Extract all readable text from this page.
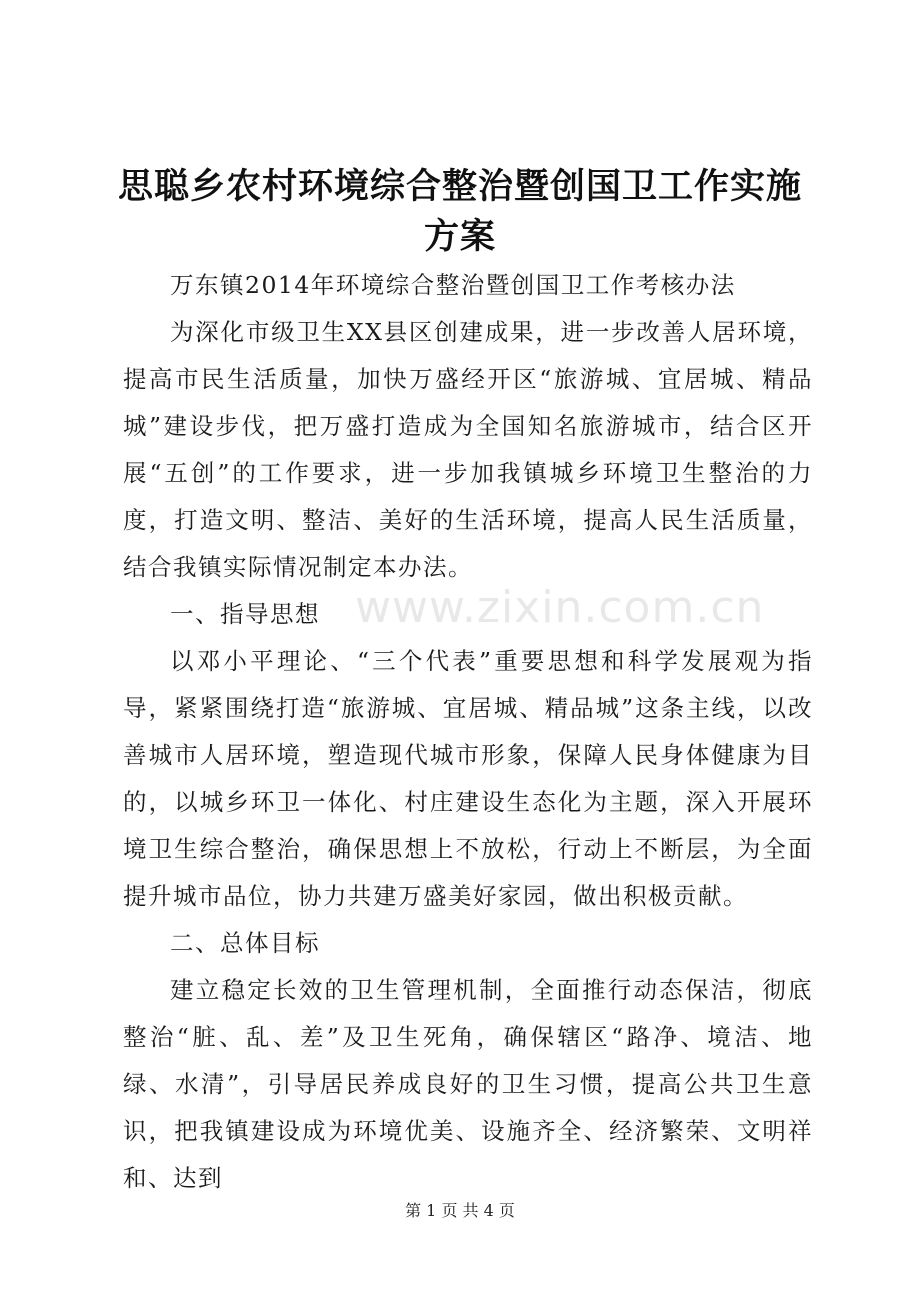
思聪乡农村环境综合整治暨创国卫工作实施方案

万东镇2014年环境综合整治暨创国卫工作考核办法

为深化市级卫生XX县区创建成果，进一步改善人居环境，提高市民生活质量，加快万盛经开区“旅游城、宜居城、精品城”建设步伐，把万盛打造成为全国知名旅游城市，结合区开展“五创”的工作要求，进一步加我镇城乡环境卫生整治的力度，打造文明、整洁、美好的生活环境，提高人民生活质量，结合我镇实际情况制定本办法。

一、指导思想

以邓小平理论、“三个代表”重要思想和科学发展观为指导，紧紧围绕打造“旅游城、宜居城、精品城”这条主线，以改善城市人居环境，塑造现代城市形象，保障人民身体健康为目的，以城乡环卫一体化、村庄建设生态化为主题，深入开展环境卫生综合整治，确保思想上不放松，行动上不断层，为全面提升城市品位，协力共建万盛美好家园，做出积极贡献。

二、总体目标

建立稳定长效的卫生管理机制，全面推行动态保洁，彻底整治“脏、乱、差”及卫生死角，确保辖区“路净、境洁、地绿、水清”，引导居民养成良好的卫生习惯，提高公共卫生意识，把我镇建设成为环境优美、设施齐全、经济繁荣、文明祥和、达到

www.zixin.com.cn
第 1 页 共 4 页
